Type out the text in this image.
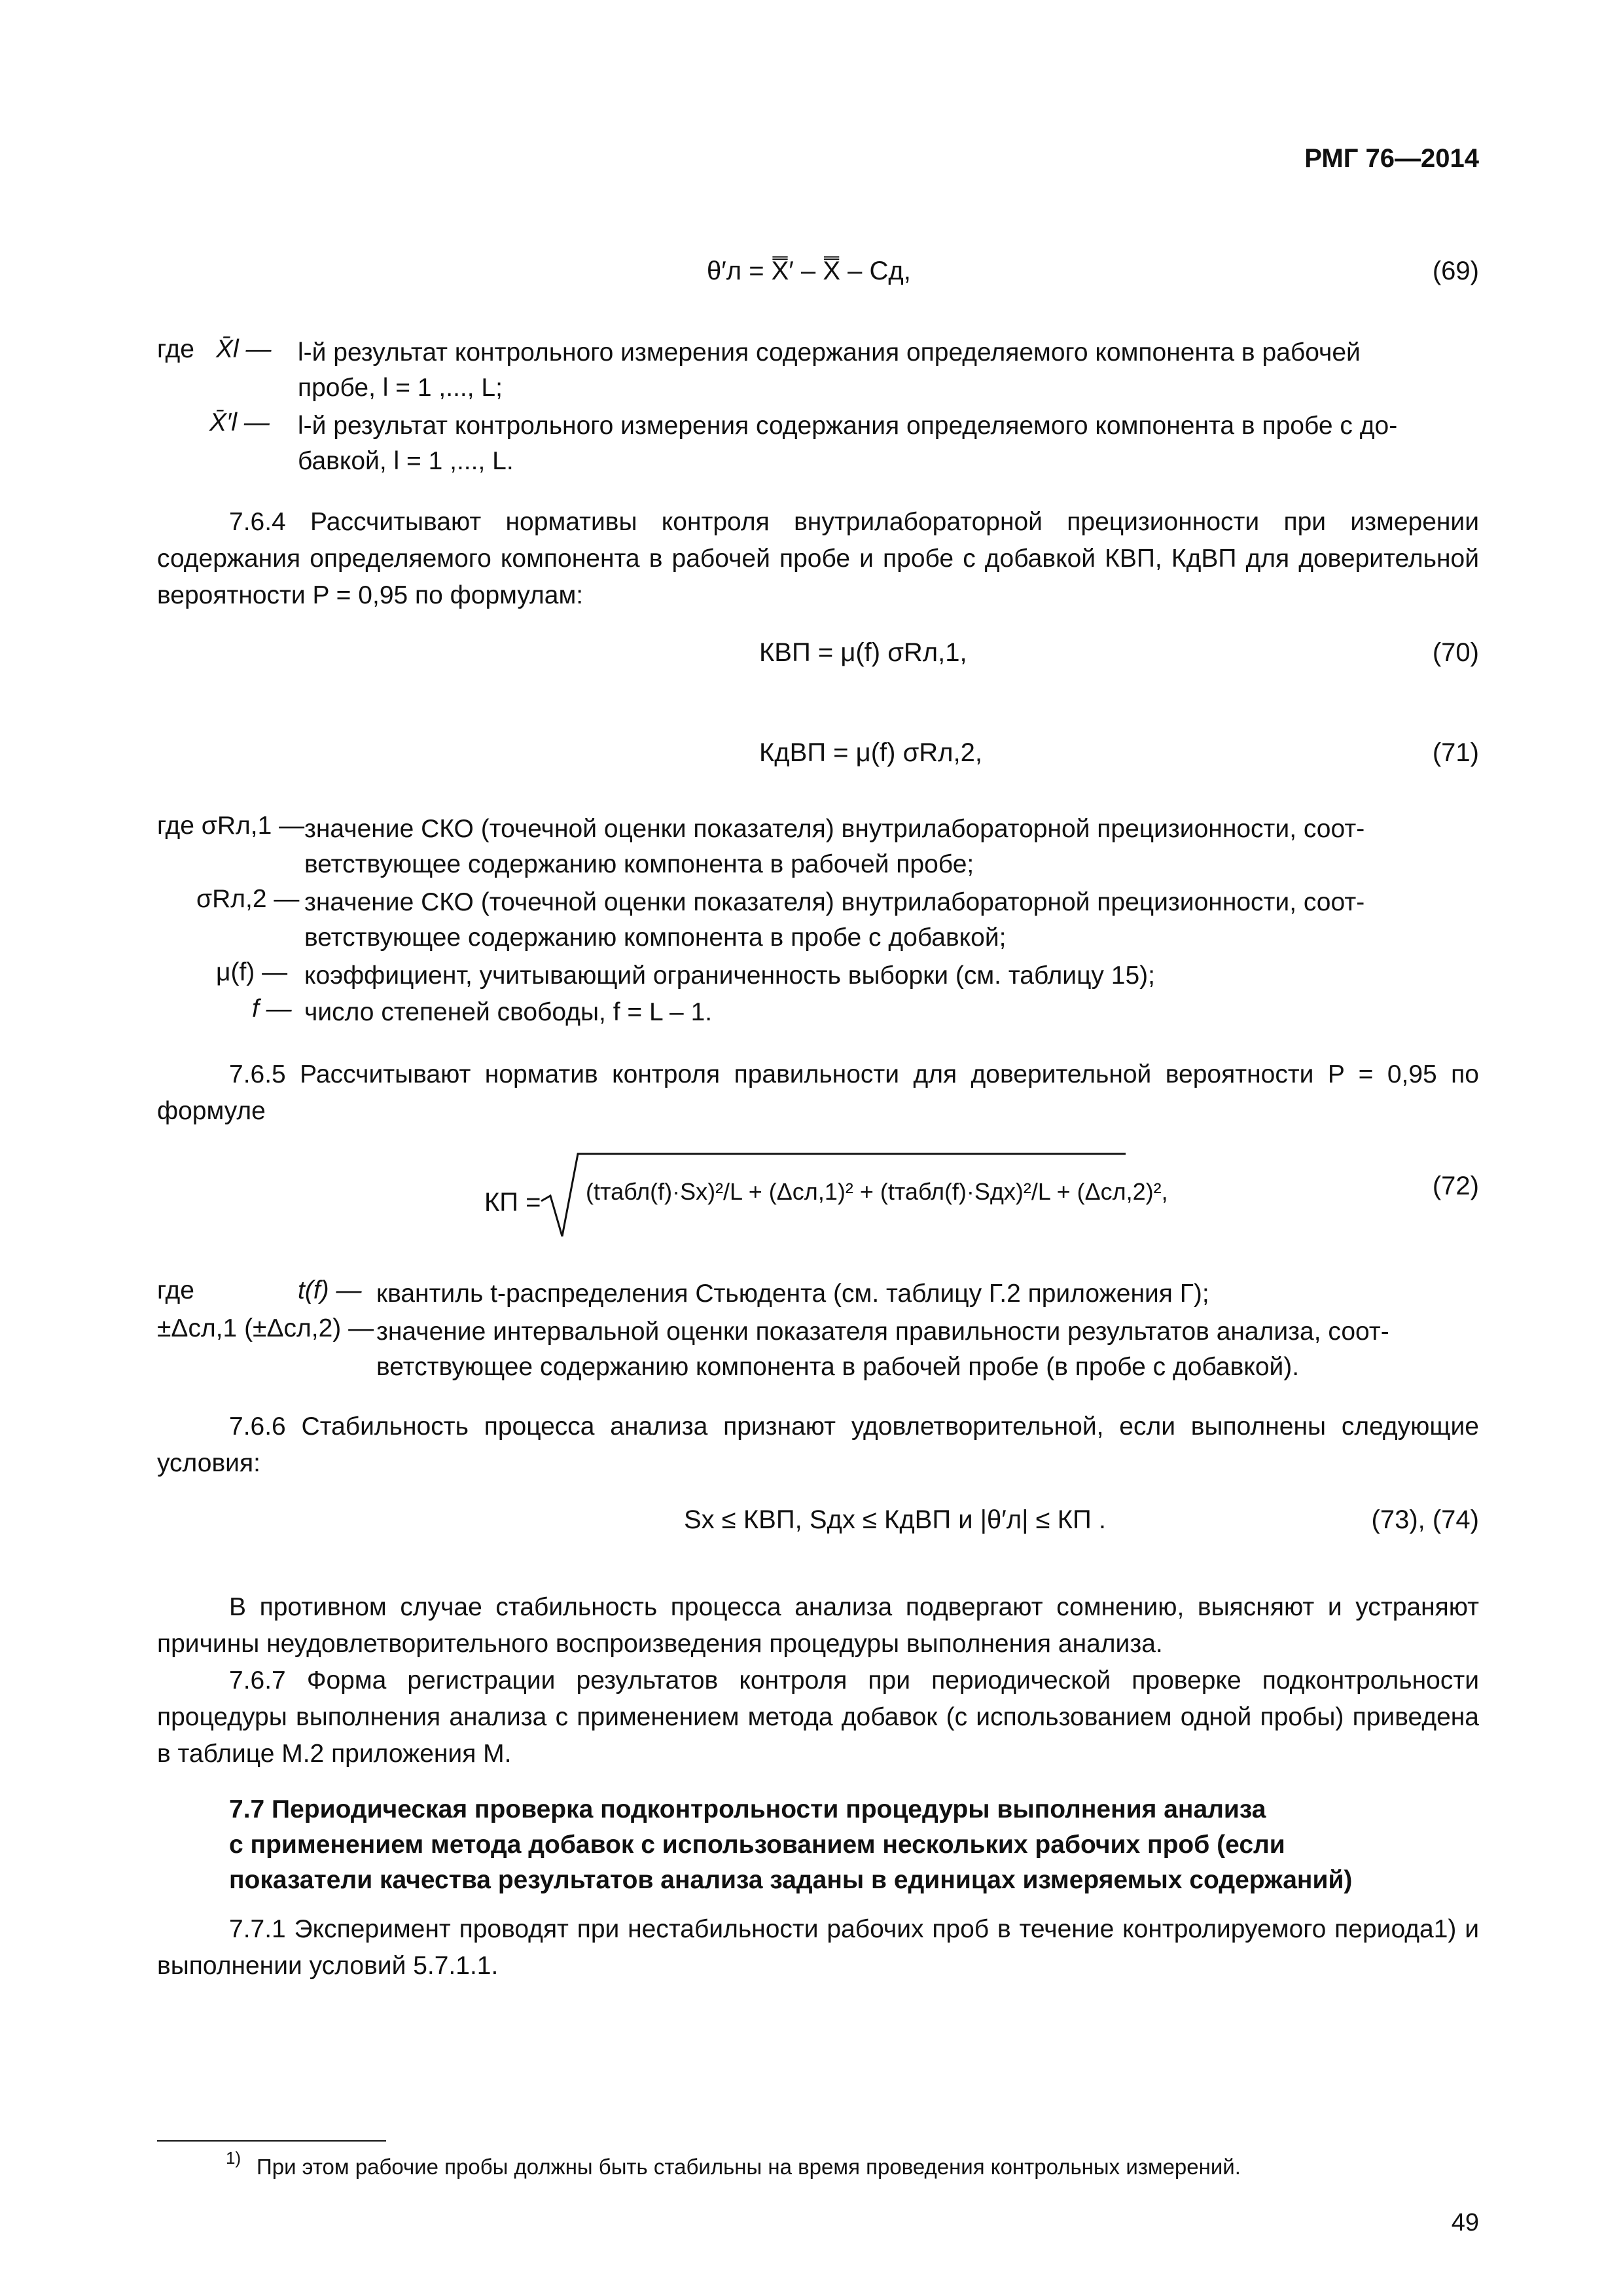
РМГ 76—2014
θ′л = X̿′ – X̿ – Cд,	(69)
где X̄l — l-й результат контрольного измерения содержания определяемого компонента в рабочей
пробе, l = 1 ,..., L;
X̄′l — l-й результат контрольного измерения содержания определяемого компонента в пробе с до-
бавкой, l = 1 ,..., L.
7.6.4 Рассчитывают нормативы контроля внутрилабораторной прецизионности при измерении содержания определяемого компонента в рабочей пробе и пробе с добавкой КВП, КдВП для доверительной вероятности P = 0,95 по формулам:
КВП = μ(f) σRл,1,	(70)
КдВП = μ(f) σRл,2,	(71)
где σRл,1 — значение СКО (точечной оценки показателя) внутрилабораторной прецизионности, соот-
ветствующее содержанию компонента в рабочей пробе;
σRл,2 — значение СКО (точечной оценки показателя) внутрилабораторной прецизионности, соот-
ветствующее содержанию компонента в пробе с добавкой;
μ(f) — коэффициент, учитывающий ограниченность выборки (см. таблицу 15);
f — число степеней свободы, f = L – 1.
7.6.5 Рассчитывают норматив контроля правильности для доверительной вероятности P = 0,95 по формуле
КП = (tтабл(f)·Sx)²/L + (Δcл,1)² + (tтабл(f)·Sдx)²/L + (Δcл,2)²,	(72)
где	t(f) — квантиль t-распределения Стьюдента (см. таблицу Г.2 приложения Г);
±Δcл,1 (±Δcл,2) — значение интервальной оценки показателя правильности результатов анализа, соот-
ветствующее содержанию компонента в рабочей пробе (в пробе с добавкой).
7.6.6 Стабильность процесса анализа признают удовлетворительной, если выполнены следующие условия:
Sx ≤ КВП, Sдx ≤ КдВП и |θ′л| ≤ КП .	(73), (74)
В противном случае стабильность процесса анализа подвергают сомнению, выясняют и устраняют причины неудовлетворительного воспроизведения процедуры выполнения анализа.
7.6.7 Форма регистрации результатов контроля при периодической проверке подконтрольности процедуры выполнения анализа с применением метода добавок (с использованием одной пробы) приведена в таблице М.2 приложения М.
7.7 Периодическая проверка подконтрольности процедуры выполнения анализа
с применением метода добавок с использованием нескольких рабочих проб (если
показатели качества результатов анализа заданы в единицах измеряемых содержаний)
7.7.1 Эксперимент проводят при нестабильности рабочих проб в течение контролируемого периода1) и выполнении условий 5.7.1.1.
1) При этом рабочие пробы должны быть стабильны на время проведения контрольных измерений.
49
